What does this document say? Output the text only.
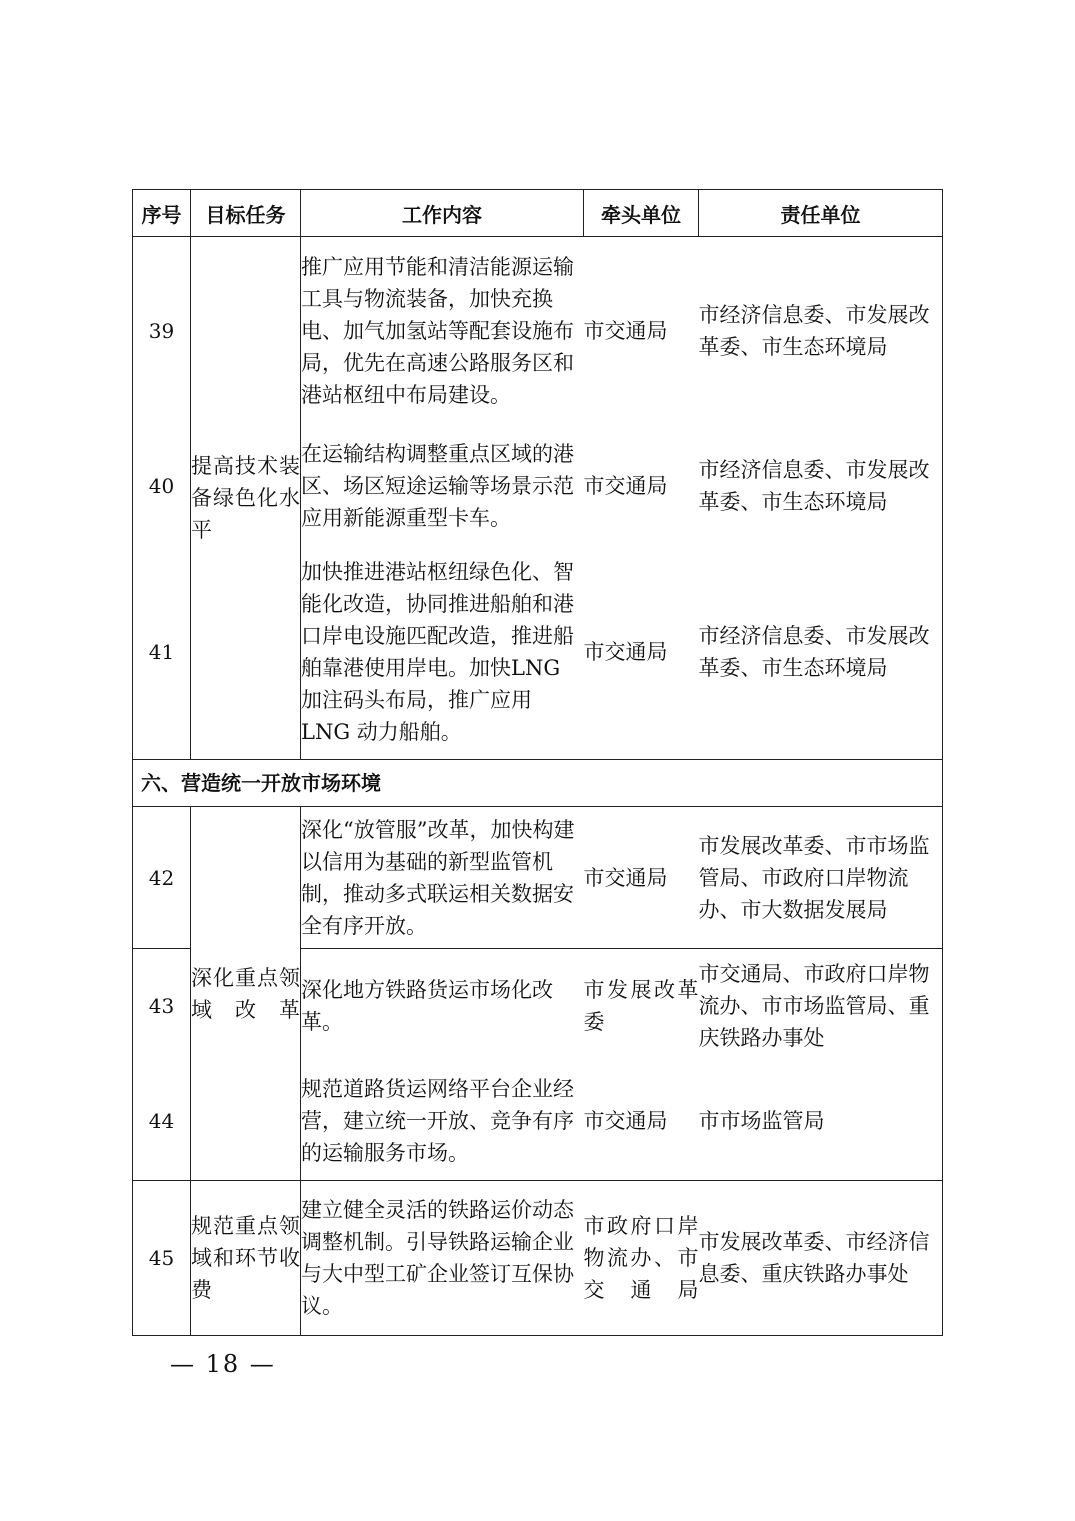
序号	目标任务	工作内容	牵头单位	责任单位
39	提高技术装备绿色化水平	推广应用节能和清洁能源运输工具与物流装备，加快充换电、加气加氢站等配套设施布局，优先在高速公路服务区和港站枢纽中布局建设。	市交通局	市经济信息委、市发展改革委、市生态环境局
40		在运输结构调整重点区域的港区、场区短途运输等场景示范应用新能源重型卡车。	市交通局	市经济信息委、市发展改革委、市生态环境局
41		加快推进港站枢纽绿色化、智能化改造，协同推进船舶和港口岸电设施匹配改造，推进船舶靠港使用岸电。加快LNG 加注码头布局，推广应用 LNG 动力船舶。	市交通局	市经济信息委、市发展改革委、市生态环境局
六、营造统一开放市场环境				
42	深化重点领域改革	深化“放管服”改革，加快构建以信用为基础的新型监管机制，推动多式联运相关数据安全有序开放。	市交通局	市发展改革委、市市场监管局、市政府口岸物流办、市大数据发展局
43		深化地方铁路货运市场化改革。	市发展改革委	市交通局、市政府口岸物流办、市市场监管局、重庆铁路办事处
44		规范道路货运网络平台企业经营，建立统一开放、竞争有序的运输服务市场。	市交通局	市市场监管局
45	规范重点领域和环节收费	建立健全灵活的铁路运价动态调整机制。引导铁路运输企业与大中型工矿企业签订互保协议。	市政府口岸物流办、市交通局	市发展改革委、市经济信息委、重庆铁路办事处
— 18 —
